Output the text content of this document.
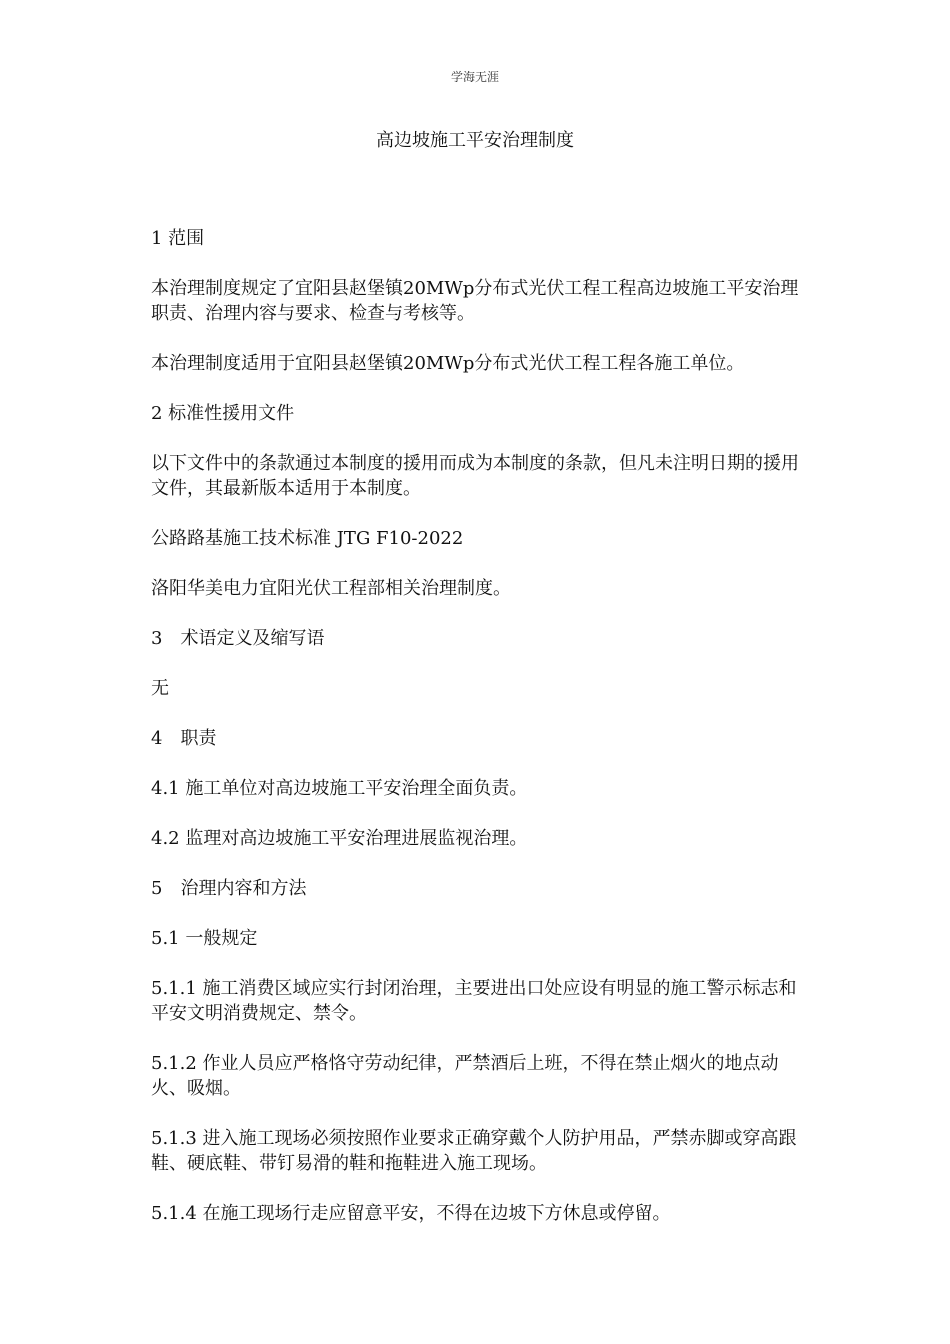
学海无涯
高边坡施工平安治理制度

1 范围

本治理制度规定了宜阳县赵堡镇20MWp分布式光伏工程工程高边坡施工平安治理职责、治理内容与要求、检查与考核等。

本治理制度适用于宜阳县赵堡镇20MWp分布式光伏工程工程各施工单位。

2 标准性援用文件

以下文件中的条款通过本制度的援用而成为本制度的条款，但凡未注明日期的援用文件，其最新版本适用于本制度。

公路路基施工技术标准 JTG F10-2022

洛阳华美电力宜阳光伏工程部相关治理制度。

3　术语定义及缩写语

无

4　职责

4.1 施工单位对高边坡施工平安治理全面负责。

4.2 监理对高边坡施工平安治理进展监视治理。

5　治理内容和方法

5.1 一般规定

5.1.1 施工消费区域应实行封闭治理，主要进出口处应设有明显的施工警示标志和平安文明消费规定、禁令。

5.1.2 作业人员应严格恪守劳动纪律，严禁酒后上班，不得在禁止烟火的地点动火、吸烟。

5.1.3 进入施工现场必须按照作业要求正确穿戴个人防护用品，严禁赤脚或穿高跟鞋、硬底鞋、带钉易滑的鞋和拖鞋进入施工现场。

5.1.4 在施工现场行走应留意平安，不得在边坡下方休息或停留。
